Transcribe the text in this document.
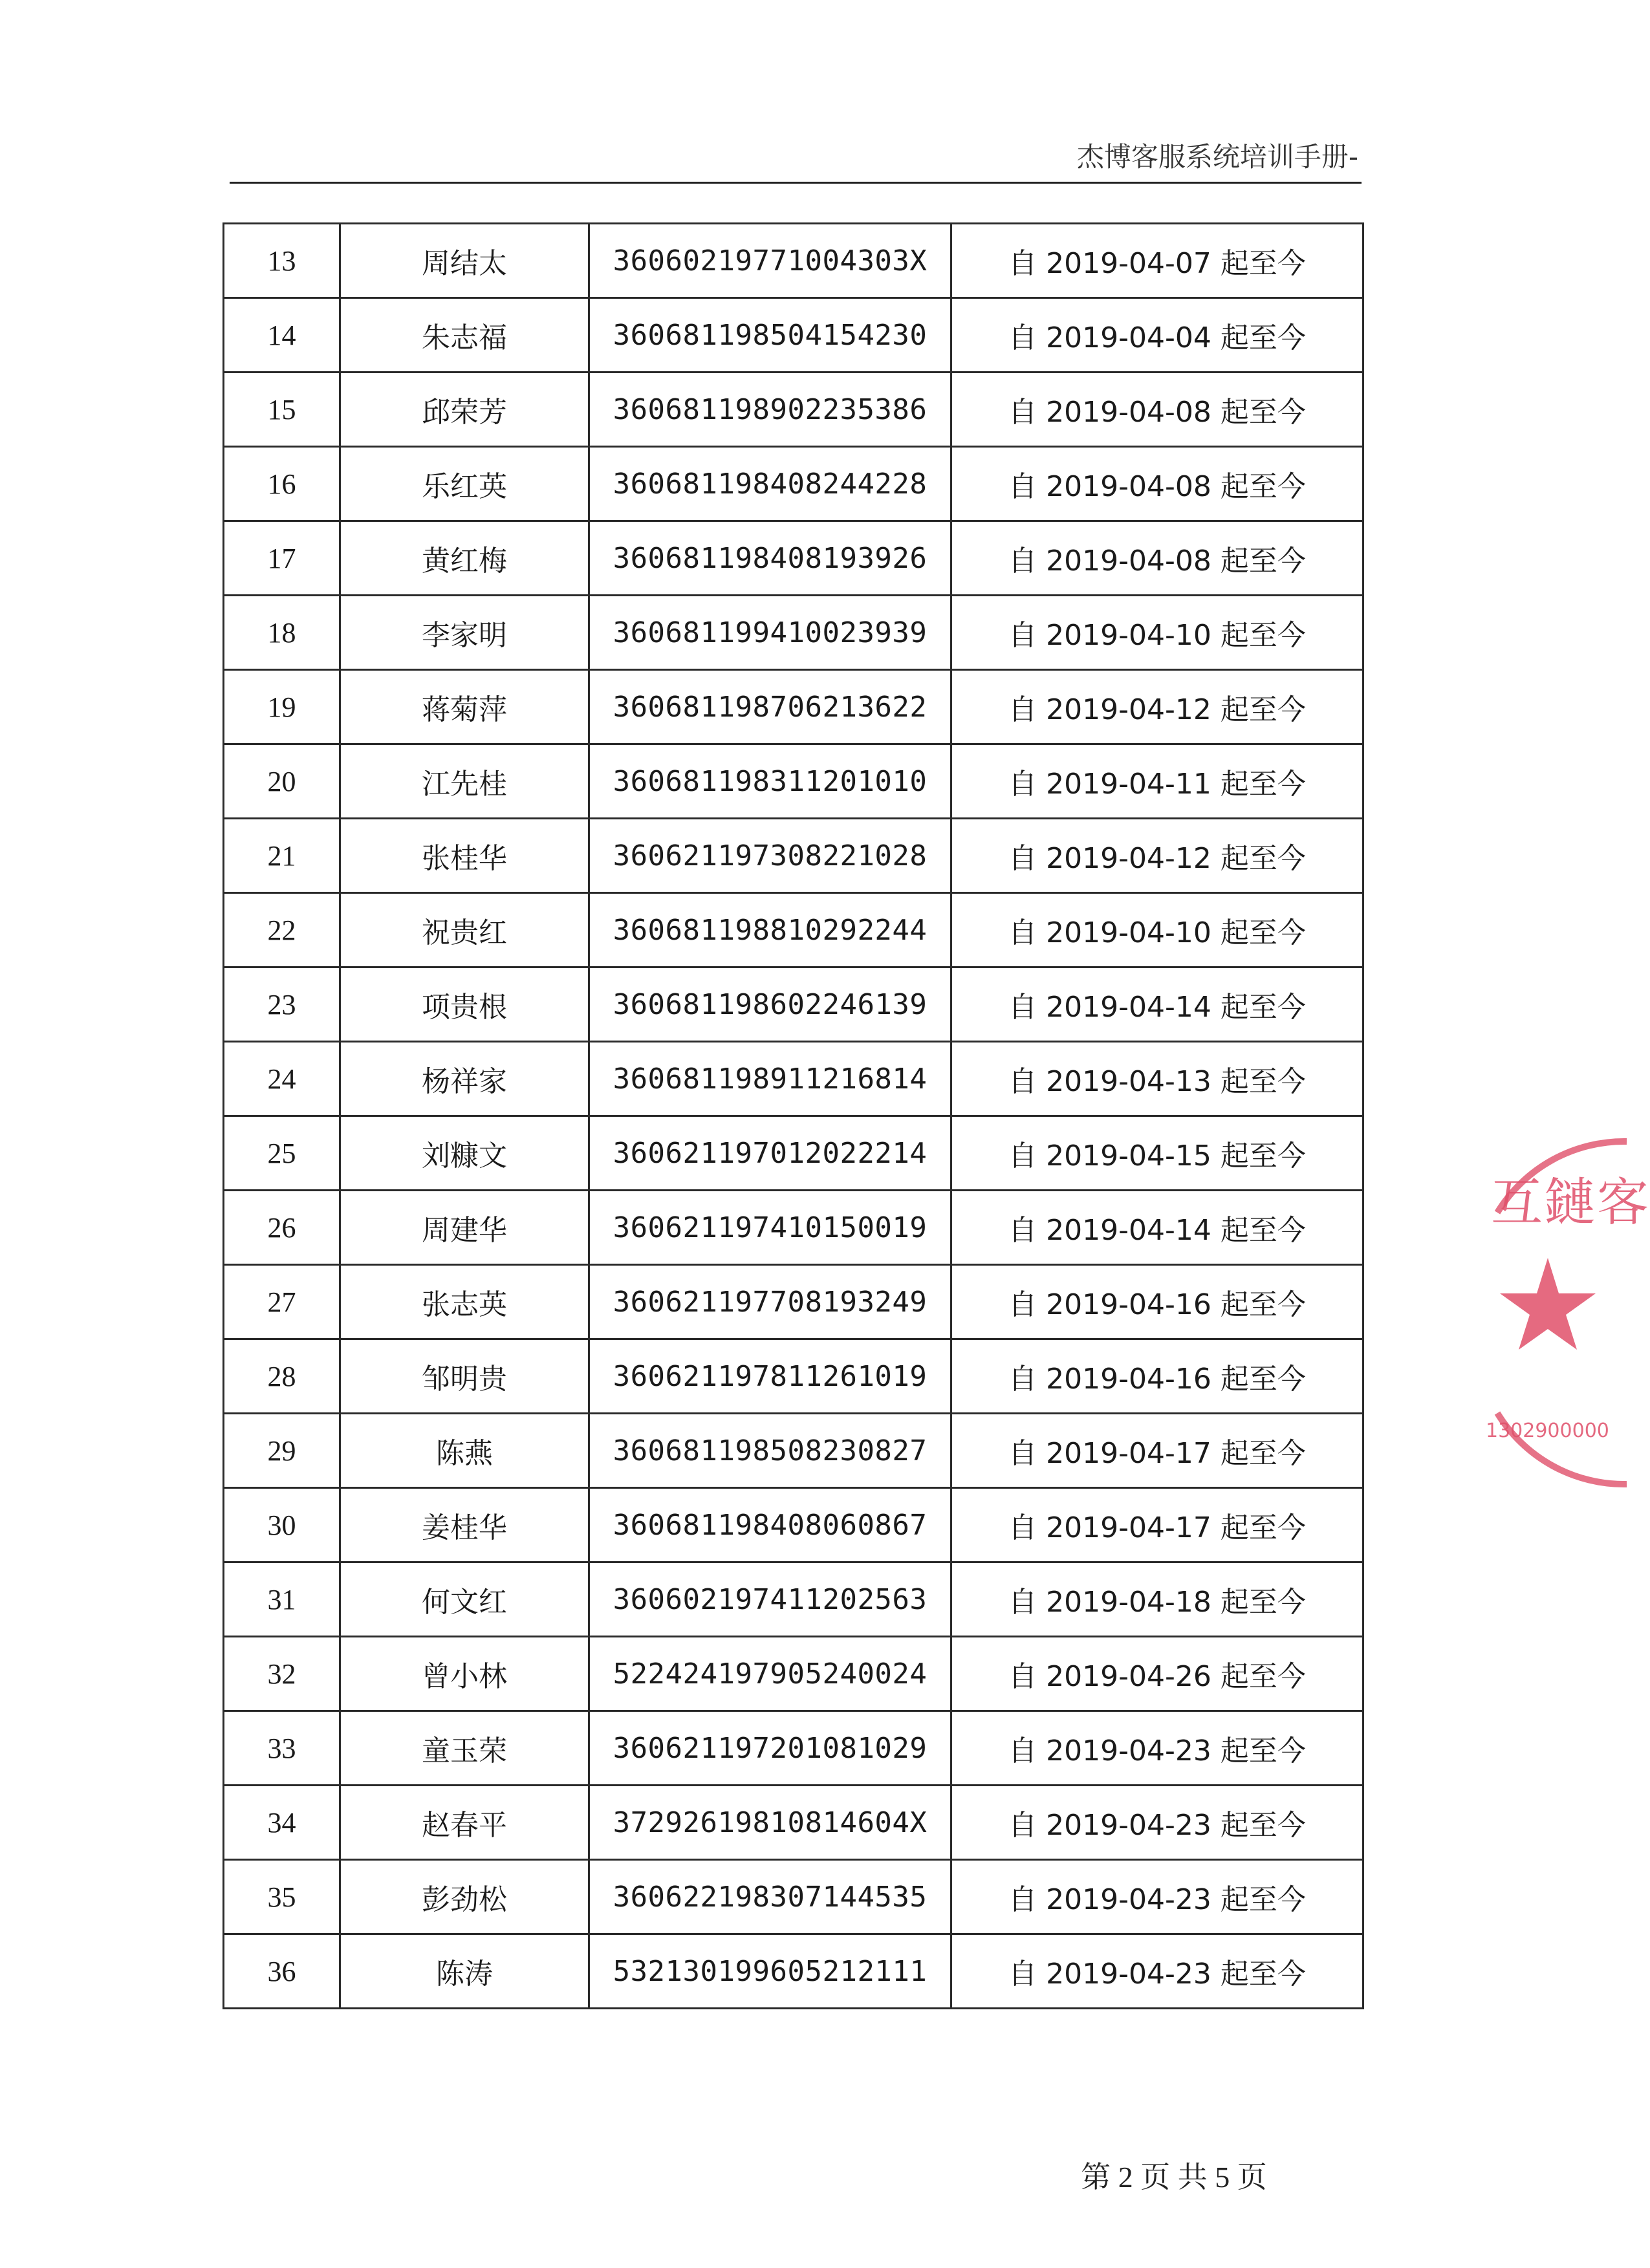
杰博客服系统培训手册-
13	周结太	36060219771004303X	自 2019-04-07 起至今
14	朱志福	360681198504154230	自 2019-04-04 起至今
15	邱荣芳	360681198902235386	自 2019-04-08 起至今
16	乐红英	360681198408244228	自 2019-04-08 起至今
17	黄红梅	360681198408193926	自 2019-04-08 起至今
18	李家明	360681199410023939	自 2019-04-10 起至今
19	蒋菊萍	360681198706213622	自 2019-04-12 起至今
20	江先桂	360681198311201010	自 2019-04-11 起至今
21	张桂华	360621197308221028	自 2019-04-12 起至今
22	祝贵红	360681198810292244	自 2019-04-10 起至今
23	项贵根	360681198602246139	自 2019-04-14 起至今
24	杨祥家	360681198911216814	自 2019-04-13 起至今
25	刘糠文	360621197012022214	自 2019-04-15 起至今
26	周建华	360621197410150019	自 2019-04-14 起至今
27	张志英	360621197708193249	自 2019-04-16 起至今
28	邹明贵	360621197811261019	自 2019-04-16 起至今
29	陈燕	360681198508230827	自 2019-04-17 起至今
30	姜桂华	360681198408060867	自 2019-04-17 起至今
31	何文红	360602197411202563	自 2019-04-18 起至今
32	曾小林	522424197905240024	自 2019-04-26 起至今
33	童玉荣	360621197201081029	自 2019-04-23 起至今
34	赵春平	37292619810814604X	自 2019-04-23 起至今
35	彭劲松	360622198307144535	自 2019-04-23 起至今
36	陈涛	532130199605212111	自 2019-04-23 起至今
第 2 页 共 5 页
互鏈客
1302900000
